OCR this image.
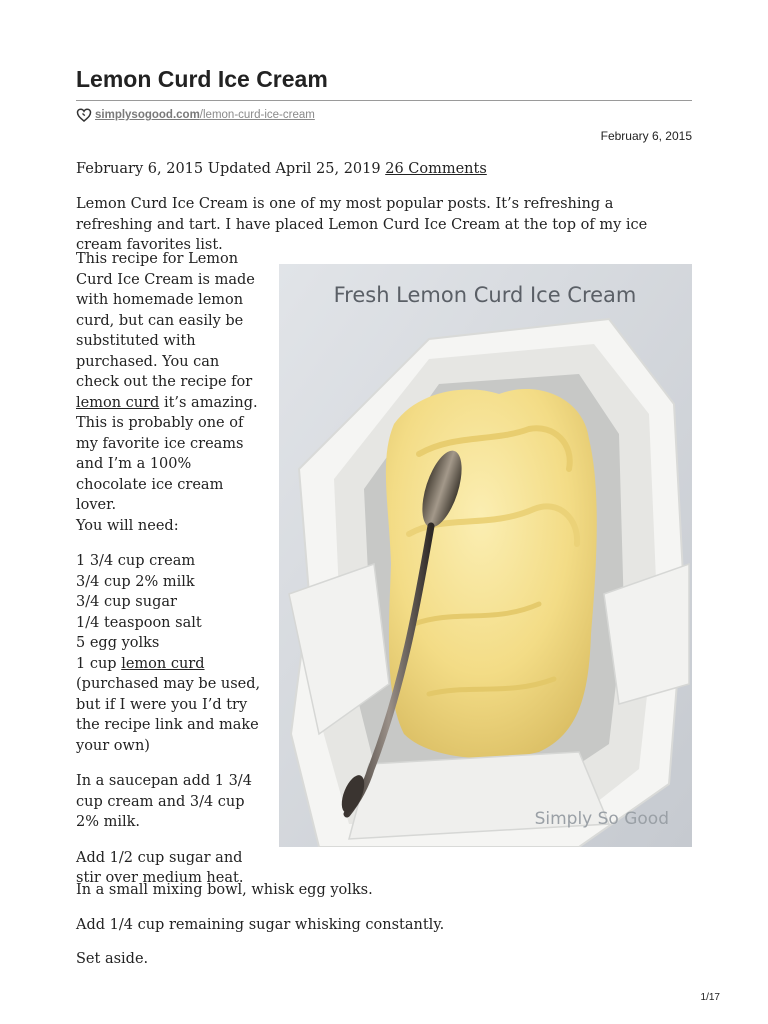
Lemon Curd Ice Cream
simplysogood.com /lemon-curd-ice-cream
February 6, 2015
February 6, 2015 Updated April 25, 2019 26 Comments

Lemon Curd Ice Cream is one of my most popular posts. It’s refreshing a refreshing and tart. I have placed Lemon Curd Ice Cream at the top of my ice cream favorites list.

This recipe for Lemon Curd Ice Cream is made with homemade lemon curd, but can easily be substituted with purchased. You can check out the recipe for lemon curd it’s amazing. This is probably one of my favorite ice creams and I’m a 100% chocolate ice cream lover.

You will need:

1 3/4 cup cream
3/4 cup 2% milk
3/4 cup sugar
1/4 teaspoon salt
5 egg yolks
1 cup lemon curd
(purchased may be used, but if I were you I’d try the recipe link and make your own)

In a saucepan add 1 3/4 cup cream and 3/4 cup 2% milk.

Add 1/2 cup sugar and stir over medium heat.

Fresh Lemon Curd Ice Cream
Simply So Good

In a small mixing bowl, whisk egg yolks.

Add 1/4 cup remaining sugar whisking constantly.

Set aside.

1/17
